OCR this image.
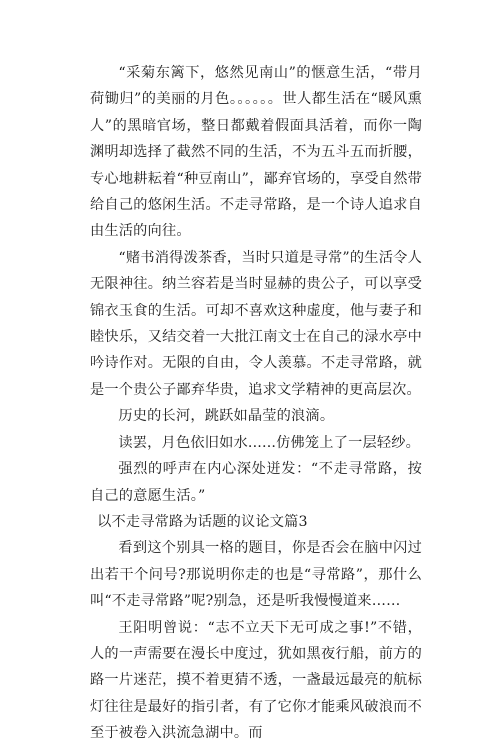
“采菊东篱下，悠然见南山”的惬意生活，“带月荷锄归”的美丽的月色。。。。。。世人都生活在“暖风熏人”的黑暗官场，整日都戴着假面具活着，而你一陶渊明却选择了截然不同的生活，不为五斗五而折腰，专心地耕耘着“种豆南山”，鄙弃官场的，享受自然带给自己的悠闲生活。不走寻常路，是一个诗人追求自由生活的向往。

“赌书消得泼茶香，当时只道是寻常”的生活令人无限神往。纳兰容若是当时显赫的贵公子，可以享受锦衣玉食的生活。可却不喜欢这种虚度，他与妻子和睦快乐，又结交着一大批江南文士在自己的渌水亭中吟诗作对。无限的自由，令人羡慕。不走寻常路，就是一个贵公子鄙弃华贵，追求文学精神的更高层次。

历史的长河，跳跃如晶莹的浪滴。

读罢，月色依旧如水......仿佛笼上了一层轻纱。

强烈的呼声在内心深处迸发：“不走寻常路，按自己的意愿生活。”

以不走寻常路为话题的议论文篇3

看到这个别具一格的题目，你是否会在脑中闪过出若干个问号?那说明你走的也是“寻常路”，那什么叫“不走寻常路”呢?别急，还是听我慢慢道来……

王阳明曾说：“志不立天下无可成之事!”不错，人的一声需要在漫长中度过，犹如黑夜行船，前方的路一片迷茫，摸不着更猜不透，一盏最远最亮的航标灯往往是最好的指引者，有了它你才能乘风破浪而不至于被卷入洪流急湖中。而
